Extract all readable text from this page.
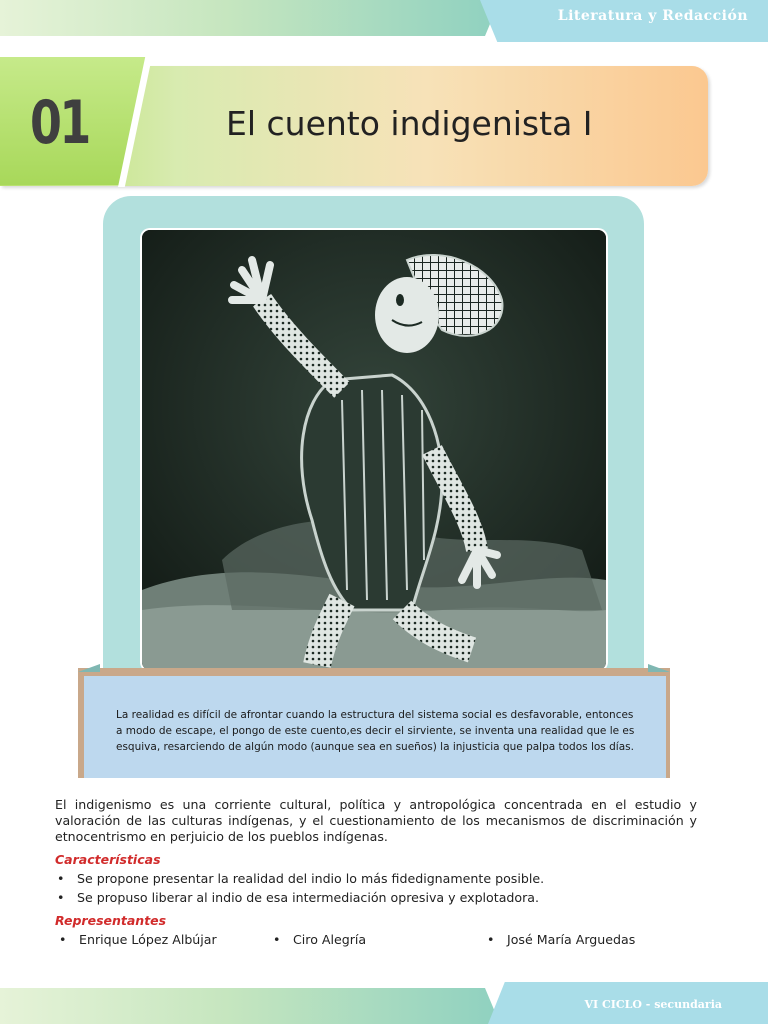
Literatura y Redacción
01	El cuento indigenista I
La realidad es difícil de afrontar cuando la estructura del sistema social es desfavorable, entonces a modo de escape, el pongo de este cuento,es decir el sirviente, se inventa una realidad que le es esquiva, resarciendo de algún modo (aunque sea en sueños) la injusticia que palpa todos los días.

El indigenismo es una corriente cultural, política y antropológica concentrada en el estudio y valoración de las culturas indígenas, y el cuestionamiento de los mecanismos de discriminación y etnocentrismo en perjuicio de los pueblos indígenas.

Características
• Se propone presentar la realidad del indio lo más fidedignamente posible.
• Se propuso liberar al indio de esa intermediación opresiva y explotadora.
Representantes
• Enrique López Albújar	• Ciro Alegría	• José María Arguedas
VI CICLO - secundaria
